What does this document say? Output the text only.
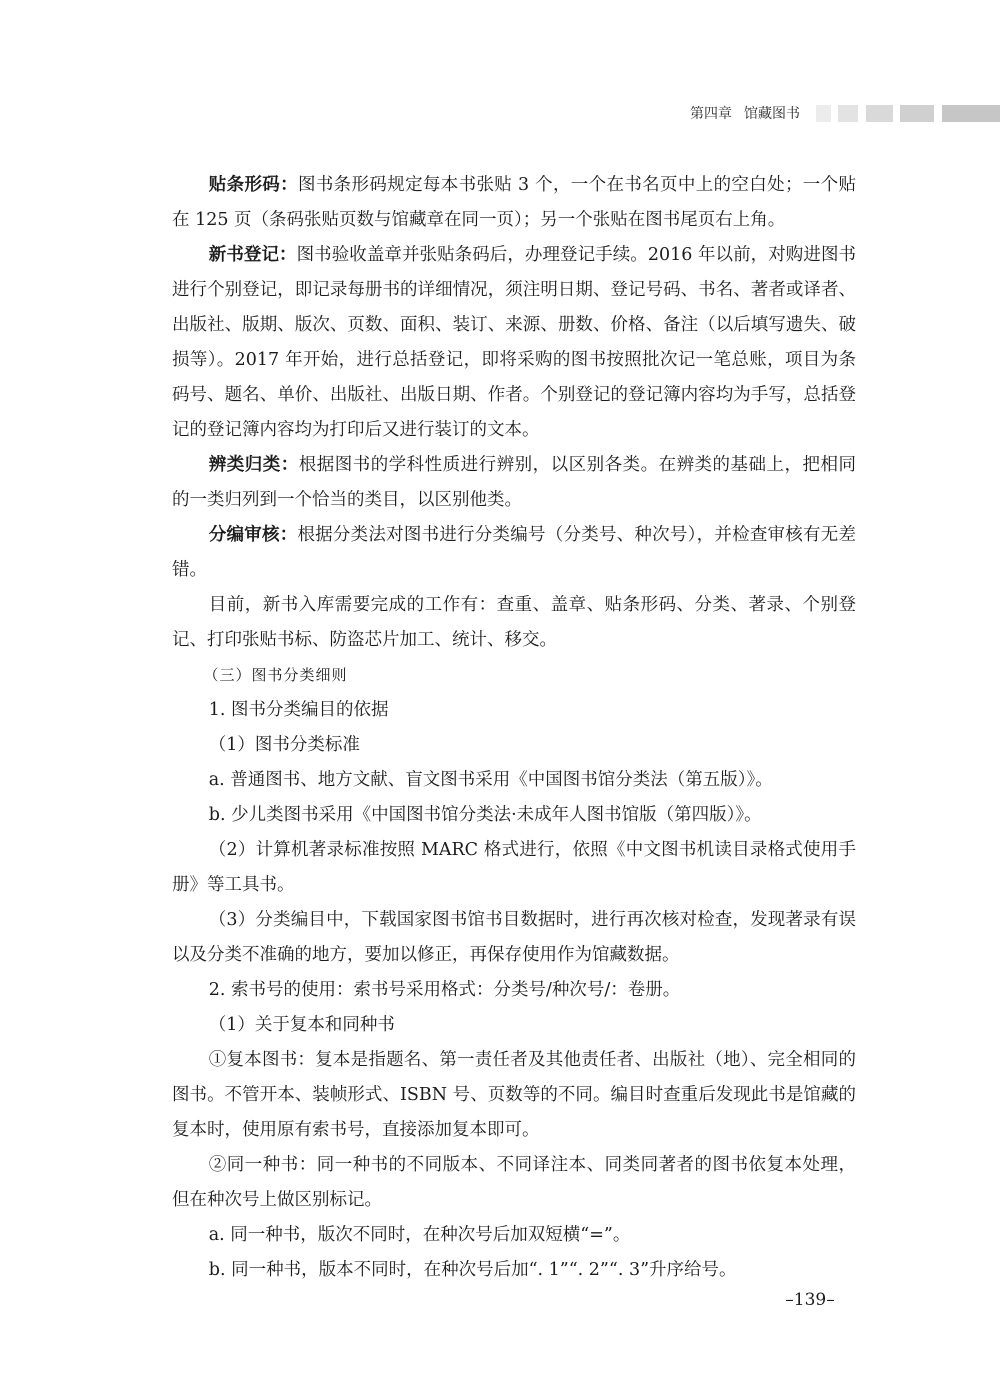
第四章 馆藏图书

贴条形码：图书条形码规定每本书张贴 3 个，一个在书名页中上的空白处；一个贴在 125 页（条码张贴页数与馆藏章在同一页）；另一个张贴在图书尾页右上角。

新书登记：图书验收盖章并张贴条码后，办理登记手续。2016 年以前，对购进图书进行个别登记，即记录每册书的详细情况，须注明日期、登记号码、书名、著者或译者、出版社、版期、版次、页数、面积、装订、来源、册数、价格、备注（以后填写遗失、破损等）。2017 年开始，进行总括登记，即将采购的图书按照批次记一笔总账，项目为条码号、题名、单价、出版社、出版日期、作者。个别登记的登记簿内容均为手写，总括登记的登记簿内容均为打印后又进行装订的文本。

辨类归类：根据图书的学科性质进行辨别，以区别各类。在辨类的基础上，把相同的一类归列到一个恰当的类目，以区别他类。

分编审核：根据分类法对图书进行分类编号（分类号、种次号），并检查审核有无差错。

目前，新书入库需要完成的工作有：查重、盖章、贴条形码、分类、著录、个别登记、打印张贴书标、防盗芯片加工、统计、移交。

（三）图书分类细则

1. 图书分类编目的依据

（1）图书分类标准

a. 普通图书、地方文献、盲文图书采用《中国图书馆分类法（第五版）》。

b. 少儿类图书采用《中国图书馆分类法·未成年人图书馆版（第四版）》。

（2）计算机著录标准按照 MARC 格式进行，依照《中文图书机读目录格式使用手册》等工具书。

（3）分类编目中，下载国家图书馆书目数据时，进行再次核对检查，发现著录有误以及分类不准确的地方，要加以修正，再保存使用作为馆藏数据。

2. 索书号的使用：索书号采用格式：分类号/种次号/：卷册。

（1）关于复本和同种书

①复本图书：复本是指题名、第一责任者及其他责任者、出版社（地）、完全相同的图书。不管开本、装帧形式、ISBN 号、页数等的不同。编目时查重后发现此书是馆藏的复本时，使用原有索书号，直接添加复本即可。

②同一种书：同一种书的不同版本、不同译注本、同类同著者的图书依复本处理，但在种次号上做区别标记。

a. 同一种书，版次不同时，在种次号后加双短横“=”。

b. 同一种书，版本不同时，在种次号后加“. 1”“. 2”“. 3”升序给号。

–139–
